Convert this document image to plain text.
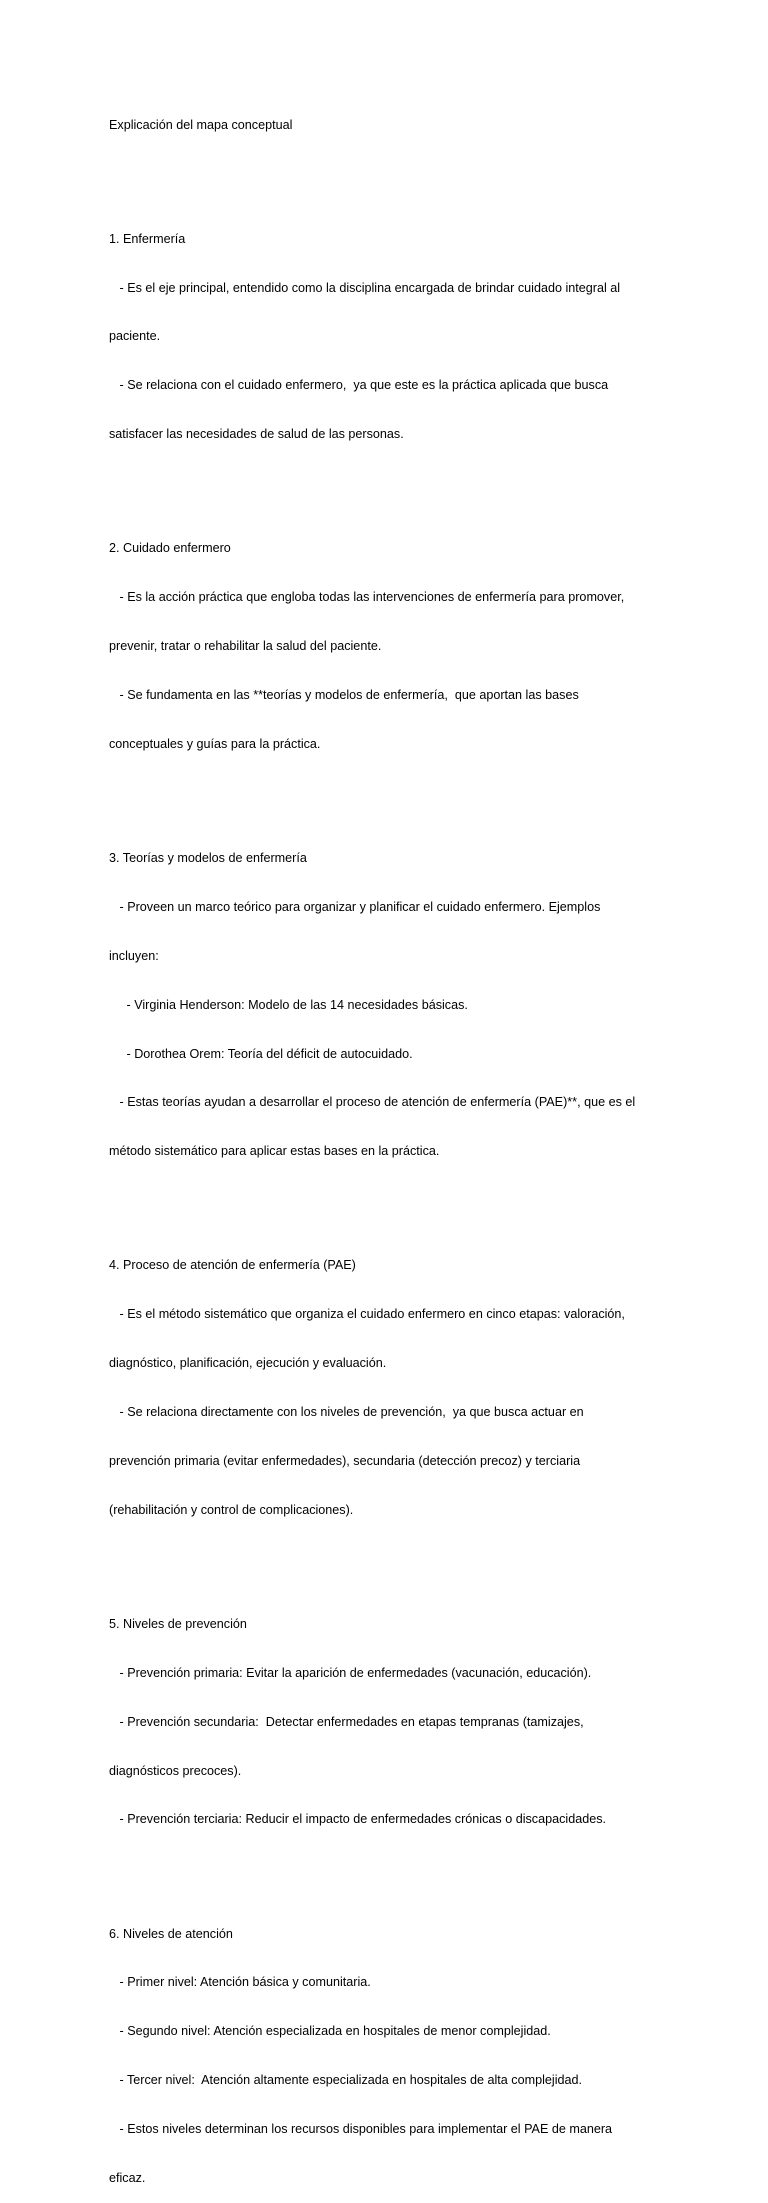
Explicación del mapa conceptual

1. Enfermería

- Es el eje principal, entendido como la disciplina encargada de brindar cuidado integral al

paciente.

- Se relaciona con el cuidado enfermero,  ya que este es la práctica aplicada que busca

satisfacer las necesidades de salud de las personas.

2. Cuidado enfermero

- Es la acción práctica que engloba todas las intervenciones de enfermería para promover,

prevenir, tratar o rehabilitar la salud del paciente.

- Se fundamenta en las **teorías y modelos de enfermería,  que aportan las bases

conceptuales y guías para la práctica.

3. Teorías y modelos de enfermería

- Proveen un marco teórico para organizar y planificar el cuidado enfermero. Ejemplos

incluyen:

- Virginia Henderson: Modelo de las 14 necesidades básicas.

- Dorothea Orem: Teoría del déficit de autocuidado.

- Estas teorías ayudan a desarrollar el proceso de atención de enfermería (PAE)**, que es el

método sistemático para aplicar estas bases en la práctica.

4. Proceso de atención de enfermería (PAE)

- Es el método sistemático que organiza el cuidado enfermero en cinco etapas: valoración,

diagnóstico, planificación, ejecución y evaluación.

- Se relaciona directamente con los niveles de prevención,  ya que busca actuar en

prevención primaria (evitar enfermedades), secundaria (detección precoz) y terciaria

(rehabilitación y control de complicaciones).

5. Niveles de prevención

- Prevención primaria: Evitar la aparición de enfermedades (vacunación, educación).

- Prevención secundaria:  Detectar enfermedades en etapas tempranas (tamizajes,

diagnósticos precoces).

- Prevención terciaria: Reducir el impacto de enfermedades crónicas o discapacidades.

6. Niveles de atención

- Primer nivel: Atención básica y comunitaria.

- Segundo nivel: Atención especializada en hospitales de menor complejidad.

- Tercer nivel:  Atención altamente especializada en hospitales de alta complejidad.

- Estos niveles determinan los recursos disponibles para implementar el PAE de manera

eficaz.
